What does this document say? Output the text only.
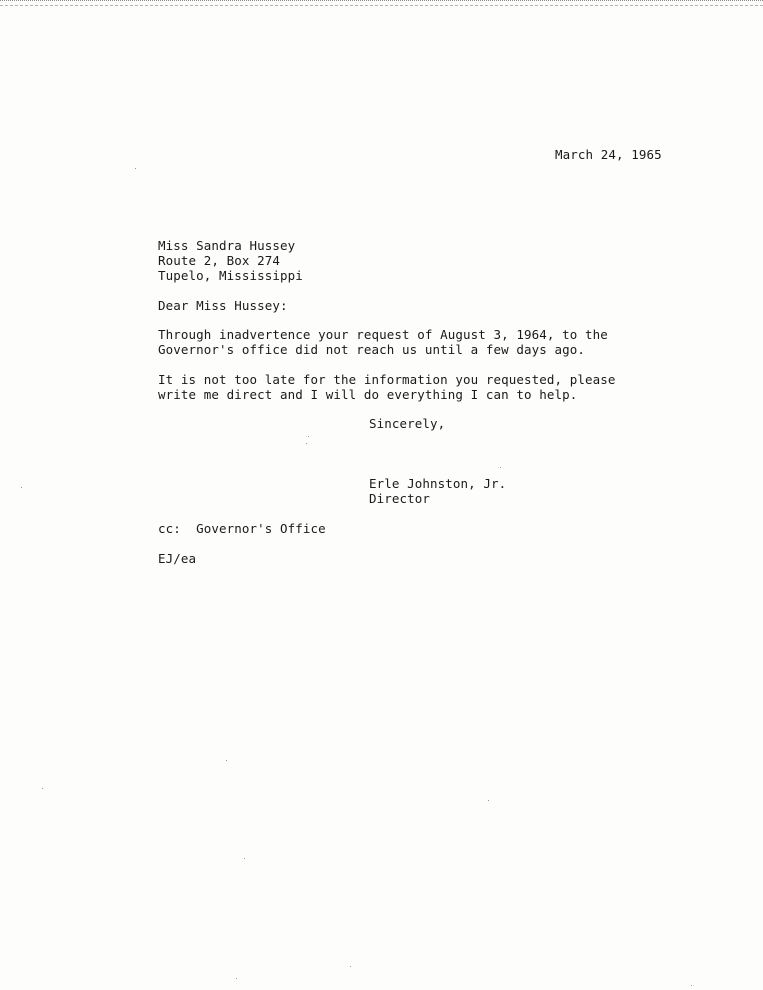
March 24, 1965
Miss Sandra Hussey
Route 2, Box 274
Tupelo, Mississippi
Dear Miss Hussey:
Through inadvertence your request of August 3, 1964, to the
Governor's office did not reach us until a few days ago.
It is not too late for the information you requested, please
write me direct and I will do everything I can to help.
Sincerely,
Erle Johnston, Jr.
Director
cc:  Governor's Office
EJ/ea
